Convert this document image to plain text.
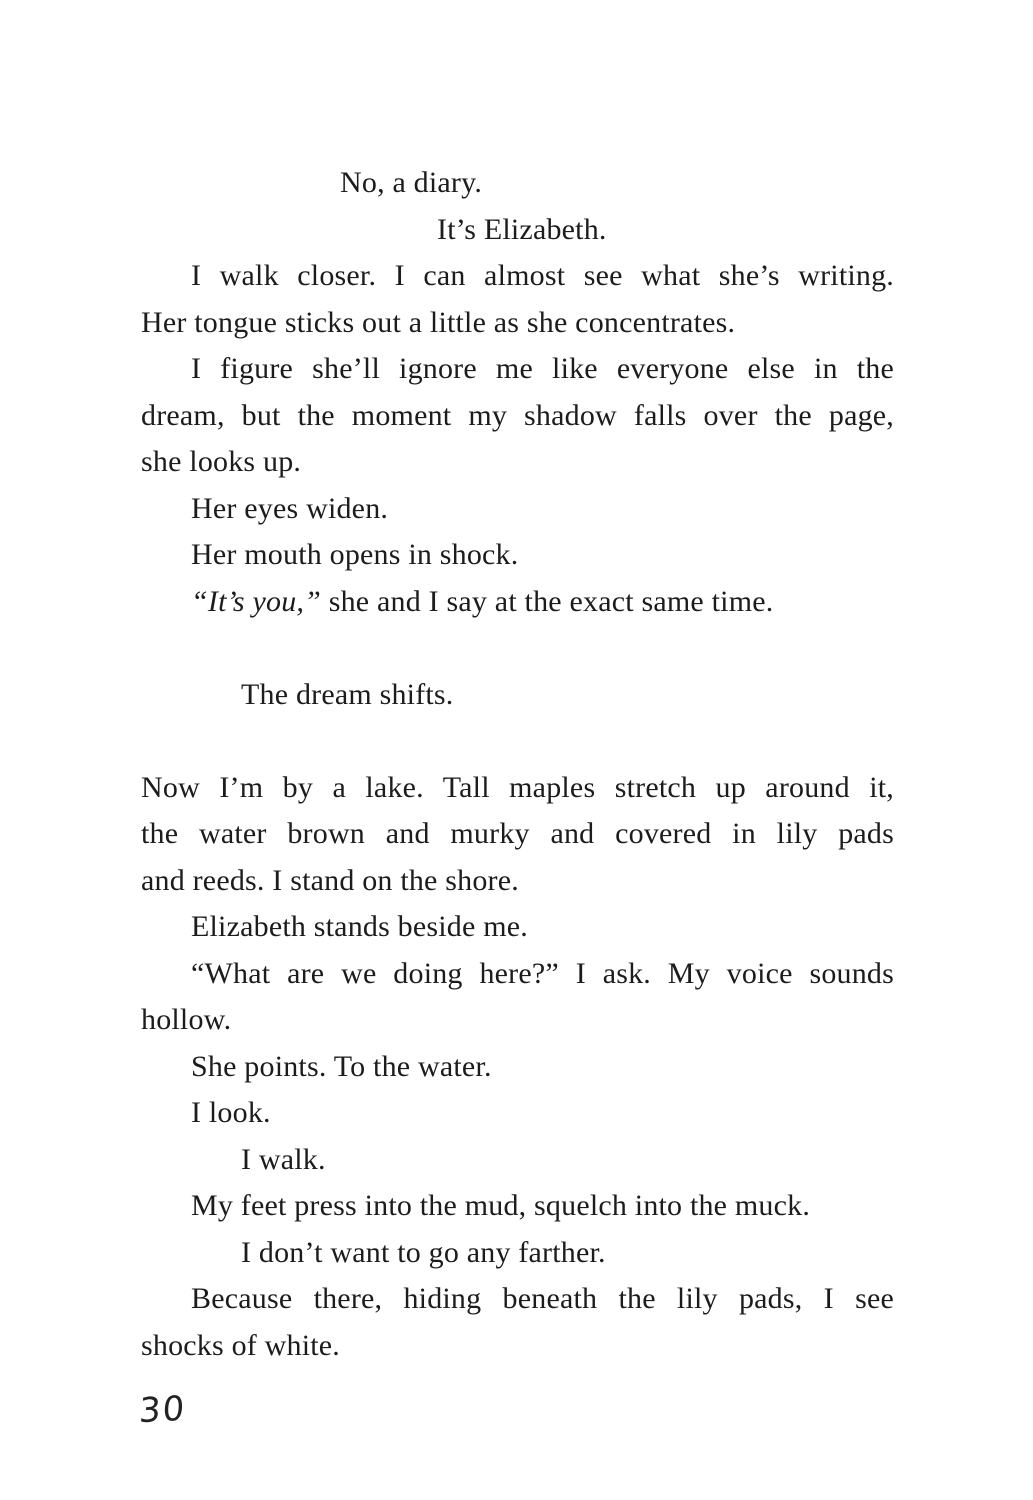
No, a diary.
It’s Elizabeth.
I walk closer. I can almost see what she’s writing.
Her tongue sticks out a little as she concentrates.
I figure she’ll ignore me like everyone else in the
dream, but the moment my shadow falls over the page,
she looks up.
Her eyes widen.
Her mouth opens in shock.
“It’s you,” she and I say at the exact same time.
The dream shifts.
Now I’m by a lake. Tall maples stretch up around it,
the water brown and murky and covered in lily pads
and reeds. I stand on the shore.
Elizabeth stands beside me.
“What are we doing here?” I ask. My voice sounds
hollow.
She points. To the water.
I look.
I walk.
My feet press into the mud, squelch into the muck.
I don’t want to go any farther.
Because there, hiding beneath the lily pads, I see
shocks of white.
30
